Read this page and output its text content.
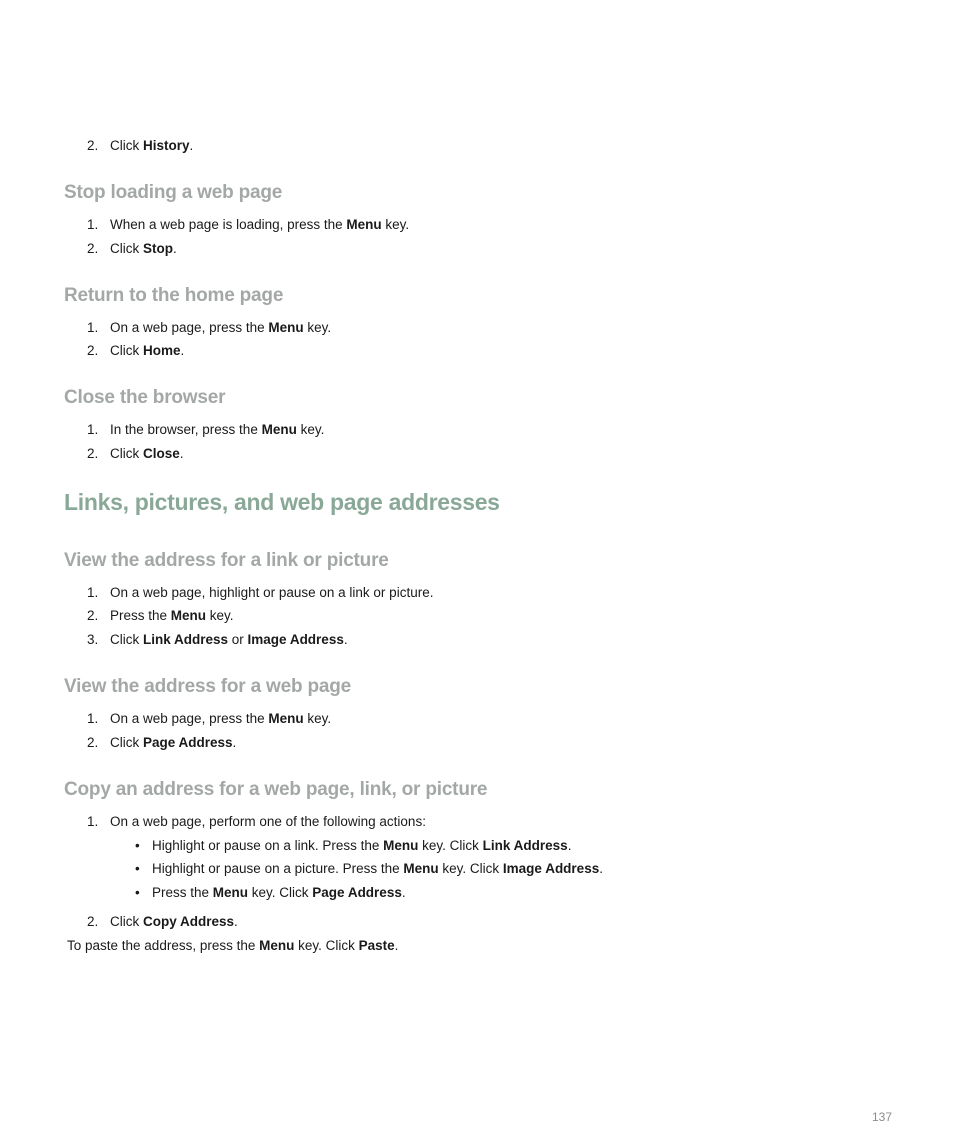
2. Click History.
Stop loading a web page
1. When a web page is loading, press the Menu key.
2. Click Stop.
Return to the home page
1. On a web page, press the Menu key.
2. Click Home.
Close the browser
1. In the browser, press the Menu key.
2. Click Close.
Links, pictures, and web page addresses
View the address for a link or picture
1. On a web page, highlight or pause on a link or picture.
2. Press the Menu key.
3. Click Link Address or Image Address.
View the address for a web page
1. On a web page, press the Menu key.
2. Click Page Address.
Copy an address for a web page, link, or picture
1. On a web page, perform one of the following actions:
• Highlight or pause on a link. Press the Menu key. Click Link Address.
• Highlight or pause on a picture. Press the Menu key. Click Image Address.
• Press the Menu key. Click Page Address.
2. Click Copy Address.
To paste the address, press the Menu key. Click Paste.
137
